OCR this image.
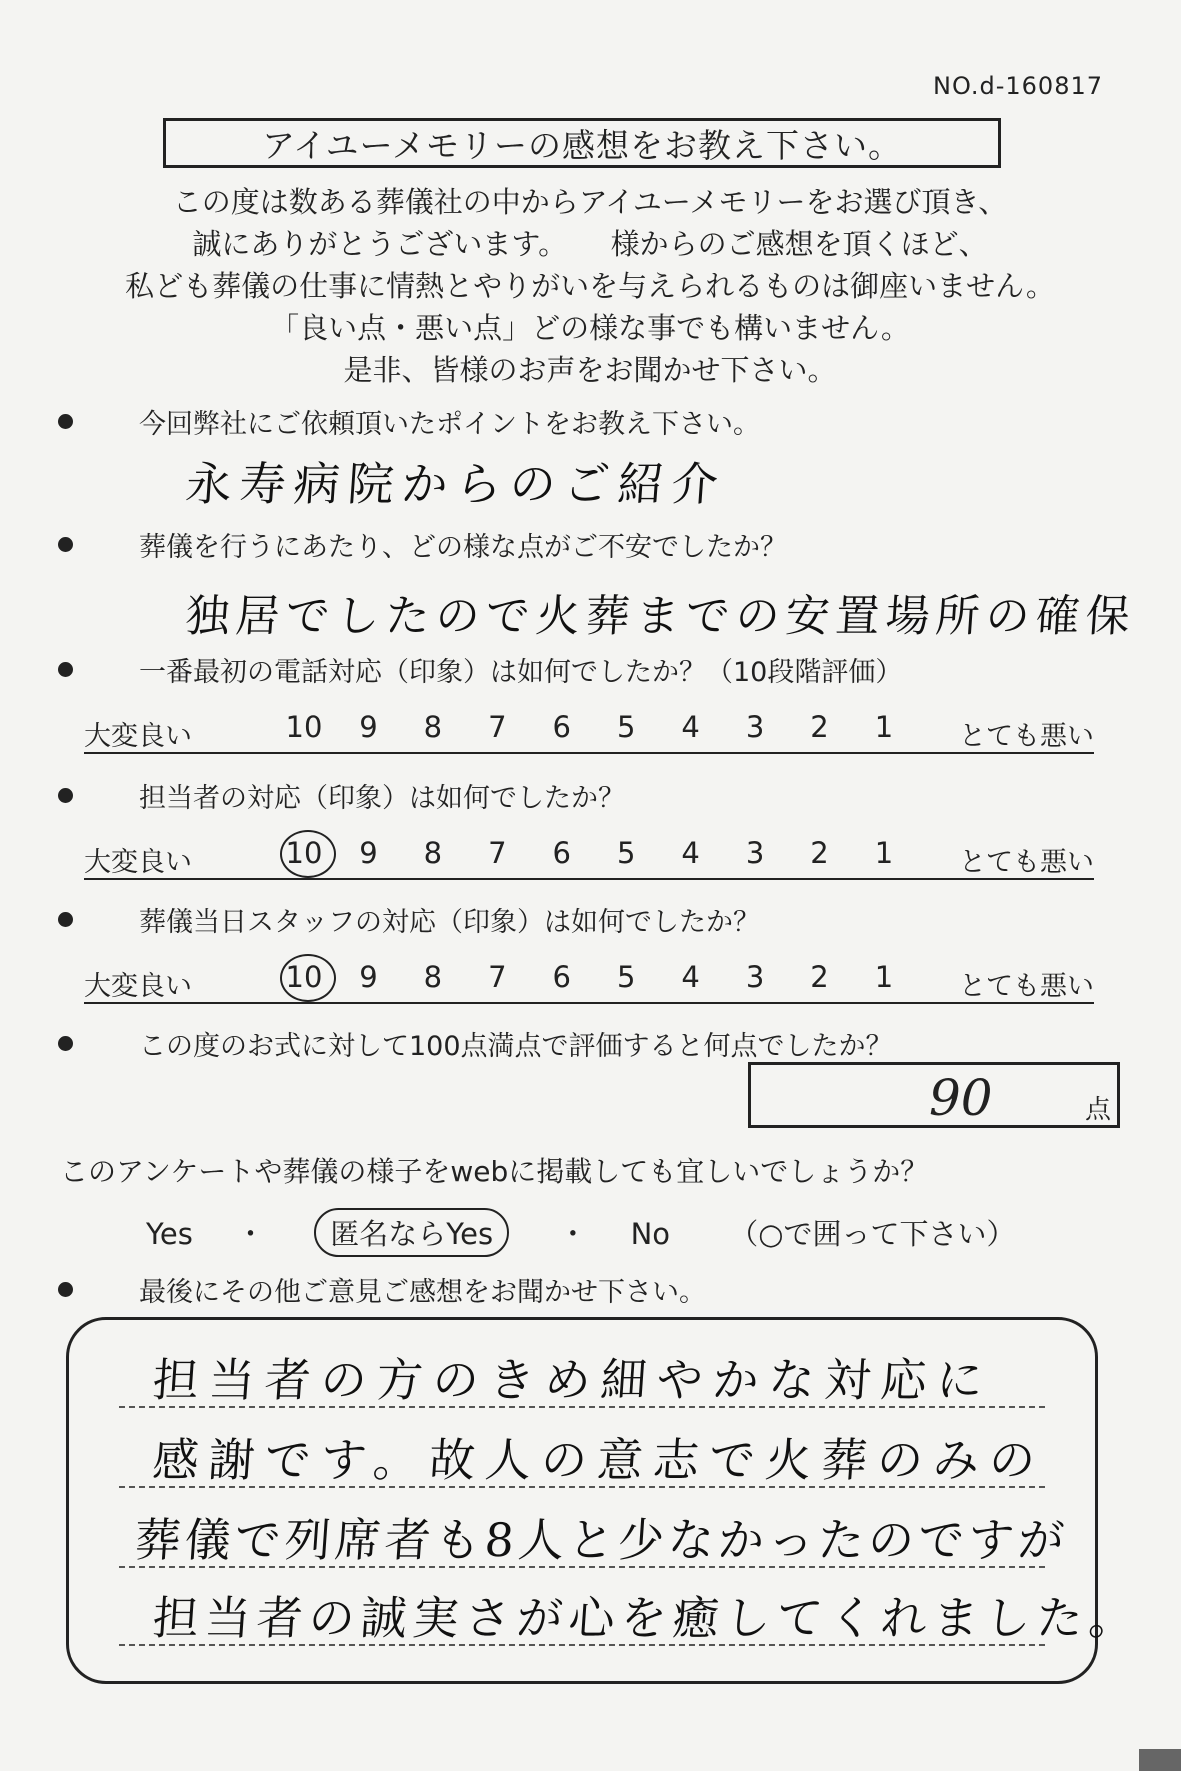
NO.d-160817
アイユーメモリーの感想をお教え下さい。
この度は数ある葬儀社の中からアイユーメモリーをお選び頂き、
誠にありがとうございます。　　様からのご感想を頂くほど、
私ども葬儀の仕事に情熱とやりがいを与えられるものは御座いません。
「良い点・悪い点」どの様な事でも構いません。
是非、皆様のお声をお聞かせ下さい。
今回弊社にご依頼頂いたポイントをお教え下さい。
永寿病院からのご紹介
葬儀を行うにあたり、どの様な点がご不安でしたか？
独居でしたので火葬までの安置場所の確保
一番最初の電話対応（印象）は如何でしたか？（10段階評価）
大変良い	10	9	8	7	6	5	4	3	2	1	とても悪い
担当者の対応（印象）は如何でしたか？
大変良い	10	9	8	7	6	5	4	3	2	1	とても悪い
葬儀当日スタッフの対応（印象）は如何でしたか？
大変良い	10	9	8	7	6	5	4	3	2	1	とても悪い
この度のお式に対して100点満点で評価すると何点でしたか？
90	点
このアンケートや葬儀の様子をwebに掲載しても宜しいでしょうか？
Yes ・ 匿名ならYes ・ No （○で囲って下さい）
最後にその他ご意見ご感想をお聞かせ下さい。
担当者の方のきめ細やかな対応に
感謝です。故人の意志で火葬のみの
葬儀で列席者も8人と少なかったのですが
担当者の誠実さが心を癒してくれました。
